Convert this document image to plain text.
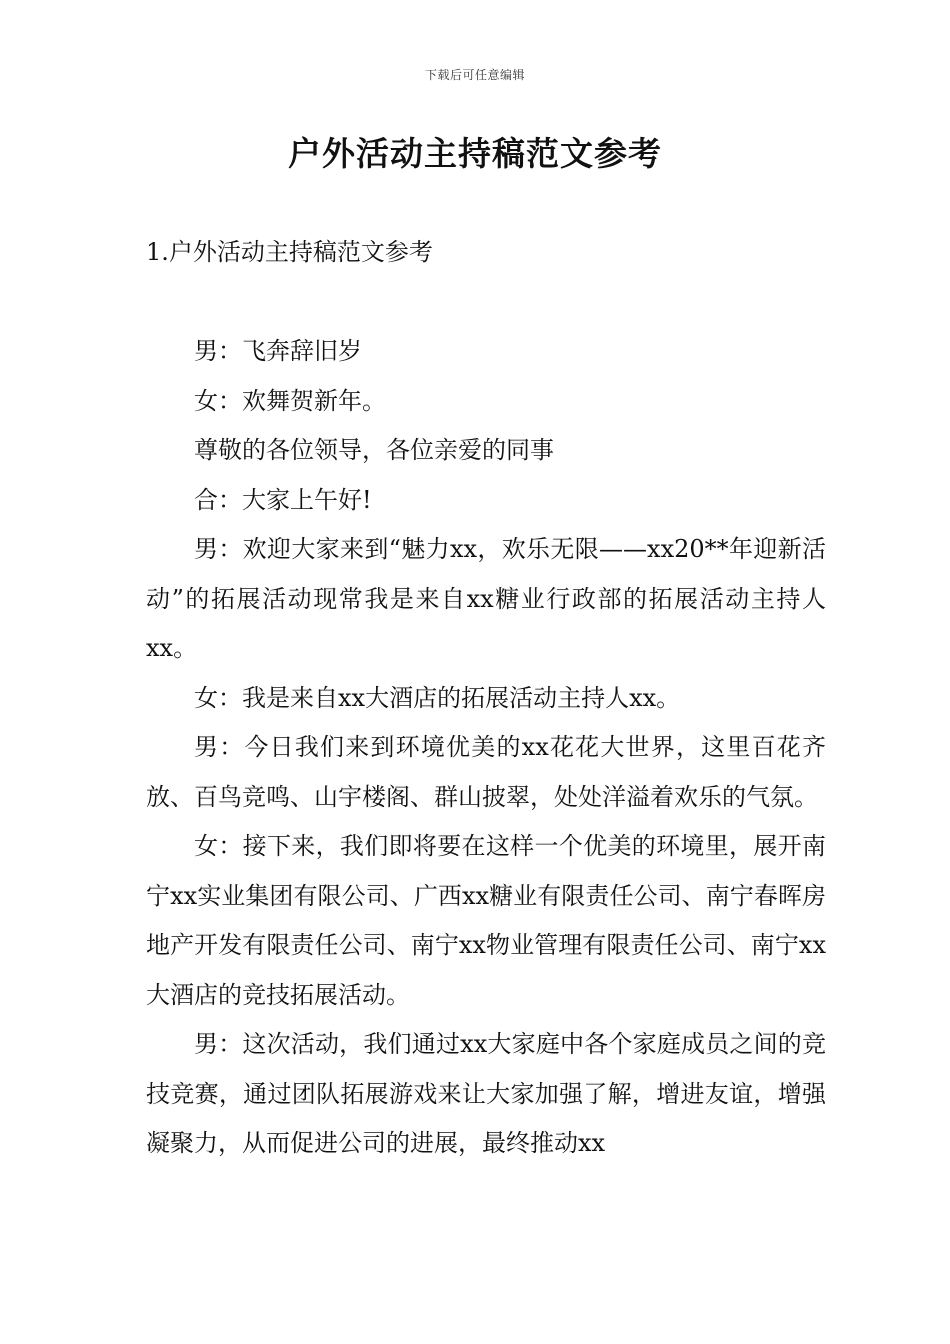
下载后可任意编辑
户外活动主持稿范文参考
1.户外活动主持稿范文参考

男：飞奔辞旧岁

女：欢舞贺新年。

尊敬的各位领导，各位亲爱的同事

合：大家上午好!

男：欢迎大家来到“魅力xx，欢乐无限——xx20**年迎新活动”的拓展活动现常我是来自xx糖业行政部的拓展活动主持人xx。

女：我是来自xx大酒店的拓展活动主持人xx。

男：今日我们来到环境优美的xx花花大世界，这里百花齐放、百鸟竞鸣、山宇楼阁、群山披翠，处处洋溢着欢乐的气氛。

女：接下来，我们即将要在这样一个优美的环境里，展开南宁xx实业集团有限公司、广西xx糖业有限责任公司、南宁春晖房地产开发有限责任公司、南宁xx物业管理有限责任公司、南宁xx大酒店的竞技拓展活动。

男：这次活动，我们通过xx大家庭中各个家庭成员之间的竞技竞赛，通过团队拓展游戏来让大家加强了解，增进友谊，增强凝聚力，从而促进公司的进展，最终推动xx
